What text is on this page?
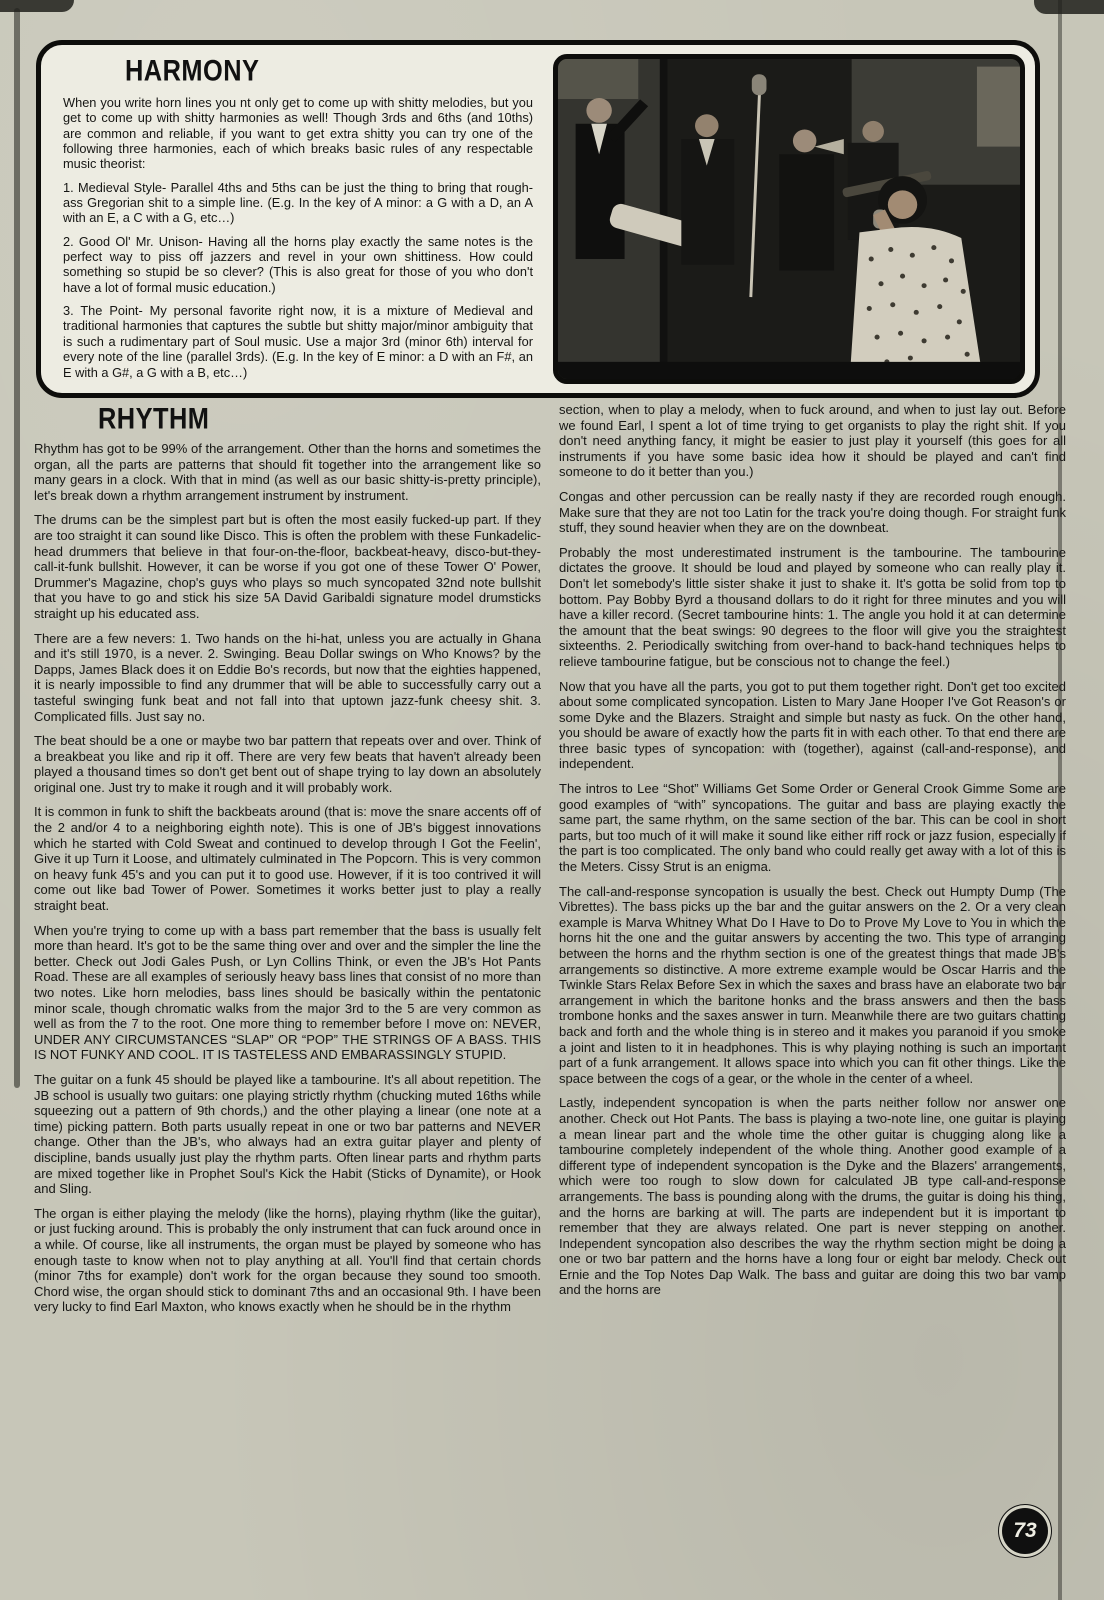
HARMONY

When you write horn lines you nt only get to come up with shitty melodies, but you get to come up with shitty harmonies as well! Though 3rds and 6ths (and 10ths) are common and reliable, if you want to get extra shitty you can try one of the following three harmonies, each of which breaks basic rules of any respectable music theorist:

1. Medieval Style- Parallel 4ths and 5ths can be just the thing to bring that rough-ass Gregorian shit to a simple line. (E.g. In the key of A minor: a G with a D, an A with an E, a C with a G, etc…)

2. Good Ol' Mr. Unison- Having all the horns play exactly the same notes is the perfect way to piss off jazzers and revel in your own shittiness. How could something so stupid be so clever? (This is also great for those of you who don't have a lot of formal music education.)

3. The Point- My personal favorite right now, it is a mixture of Medieval and traditional harmonies that captures the subtle but shitty major/minor ambiguity that is such a rudimentary part of Soul music. Use a major 3rd (minor 6th) interval for every note of the line (parallel 3rds). (E.g. In the key of E minor: a D with an F#, an E with a G#, a G with a B, etc…)

RHYTHM

Rhythm has got to be 99% of the arrangement. Other than the horns and sometimes the organ, all the parts are patterns that should fit together into the arrangement like so many gears in a clock. With that in mind (as well as our basic shitty-is-pretty principle), let's break down a rhythm arrangement instrument by instrument.

The drums can be the simplest part but is often the most easily fucked-up part. If they are too straight it can sound like Disco. This is often the problem with these Funkadelic-head drummers that believe in that four-on-the-floor, backbeat-heavy, disco-but-they-call-it-funk bullshit. However, it can be worse if you got one of these Tower O' Power, Drummer's Magazine, chop's guys who plays so much syncopated 32nd note bullshit that you have to go and stick his size 5A David Garibaldi signature model drumsticks straight up his educated ass.

There are a few nevers: 1. Two hands on the hi-hat, unless you are actually in Ghana and it's still 1970, is a never. 2. Swinging. Beau Dollar swings on Who Knows? by the Dapps, James Black does it on Eddie Bo's records, but now that the eighties happened, it is nearly impossible to find any drummer that will be able to successfully carry out a tasteful swinging funk beat and not fall into that uptown jazz-funk cheesy shit. 3. Complicated fills. Just say no.

The beat should be a one or maybe two bar pattern that repeats over and over. Think of a breakbeat you like and rip it off. There are very few beats that haven't already been played a thousand times so don't get bent out of shape trying to lay down an absolutely original one. Just try to make it rough and it will probably work.

It is common in funk to shift the backbeats around (that is: move the snare accents off of the 2 and/or 4 to a neighboring eighth note). This is one of JB's biggest innovations which he started with Cold Sweat and continued to develop through I Got the Feelin', Give it up Turn it Loose, and ultimately culminated in The Popcorn. This is very common on heavy funk 45's and you can put it to good use. However, if it is too contrived it will come out like bad Tower of Power. Sometimes it works better just to play a really straight beat.

When you're trying to come up with a bass part remember that the bass is usually felt more than heard. It's got to be the same thing over and over and the simpler the line the better. Check out Jodi Gales Push, or Lyn Collins Think, or even the JB's Hot Pants Road. These are all examples of seriously heavy bass lines that consist of no more than two notes. Like horn melodies, bass lines should be basically within the pentatonic minor scale, though chromatic walks from the major 3rd to the 5 are very common as well as from the 7 to the root. One more thing to remember before I move on: NEVER, UNDER ANY CIRCUMSTANCES “SLAP” OR “POP” THE STRINGS OF A BASS. THIS IS NOT FUNKY AND COOL. IT IS TASTELESS AND EMBARASSINGLY STUPID.

The guitar on a funk 45 should be played like a tambourine. It's all about repetition. The JB school is usually two guitars: one playing strictly rhythm (chucking muted 16ths while squeezing out a pattern of 9th chords,) and the other playing a linear (one note at a time) picking pattern. Both parts usually repeat in one or two bar patterns and NEVER change. Other than the JB's, who always had an extra guitar player and plenty of discipline, bands usually just play the rhythm parts. Often linear parts and rhythm parts are mixed together like in Prophet Soul's Kick the Habit (Sticks of Dynamite), or Hook and Sling.

The organ is either playing the melody (like the horns), playing rhythm (like the guitar), or just fucking around. This is probably the only instrument that can fuck around once in a while. Of course, like all instruments, the organ must be played by someone who has enough taste to know when not to play anything at all. You'll find that certain chords (minor 7ths for example) don't work for the organ because they sound too smooth. Chord wise, the organ should stick to dominant 7ths and an occasional 9th. I have been very lucky to find Earl Maxton, who knows exactly when he should be in the rhythm

section, when to play a melody, when to fuck around, and when to just lay out. Before we found Earl, I spent a lot of time trying to get organists to play the right shit. If you don't need anything fancy, it might be easier to just play it yourself (this goes for all instruments if you have some basic idea how it should be played and can't find someone to do it better than you.)

Congas and other percussion can be really nasty if they are recorded rough enough. Make sure that they are not too Latin for the track you're doing though. For straight funk stuff, they sound heavier when they are on the downbeat.

Probably the most underestimated instrument is the tambourine. The tambourine dictates the groove. It should be loud and played by someone who can really play it. Don't let somebody's little sister shake it just to shake it. It's gotta be solid from top to bottom. Pay Bobby Byrd a thousand dollars to do it right for three minutes and you will have a killer record. (Secret tambourine hints: 1. The angle you hold it at can determine the amount that the beat swings: 90 degrees to the floor will give you the straightest sixteenths. 2. Periodically switching from over-hand to back-hand techniques helps to relieve tambourine fatigue, but be conscious not to change the feel.)

Now that you have all the parts, you got to put them together right. Don't get too excited about some complicated syncopation. Listen to Mary Jane Hooper I've Got Reason's or some Dyke and the Blazers. Straight and simple but nasty as fuck. On the other hand, you should be aware of exactly how the parts fit in with each other. To that end there are three basic types of syncopation: with (together), against (call-and-response), and independent.

The intros to Lee “Shot” Williams Get Some Order or General Crook Gimme Some are good examples of “with” syncopations. The guitar and bass are playing exactly the same part, the same rhythm, on the same section of the bar. This can be cool in short parts, but too much of it will make it sound like either riff rock or jazz fusion, especially if the part is too complicated. The only band who could really get away with a lot of this is the Meters. Cissy Strut is an enigma.

The call-and-response syncopation is usually the best. Check out Humpty Dump (The Vibrettes). The bass picks up the bar and the guitar answers on the 2. Or a very clean example is Marva Whitney What Do I Have to Do to Prove My Love to You in which the horns hit the one and the guitar answers by accenting the two. This type of arranging between the horns and the rhythm section is one of the greatest things that made JB's arrangements so distinctive. A more extreme example would be Oscar Harris and the Twinkle Stars Relax Before Sex in which the saxes and brass have an elaborate two bar arrangement in which the baritone honks and the brass answers and then the bass trombone honks and the saxes answer in turn. Meanwhile there are two guitars chatting back and forth and the whole thing is in stereo and it makes you paranoid if you smoke a joint and listen to it in headphones. This is why playing nothing is such an important part of a funk arrangement. It allows space into which you can fit other things. Like the space between the cogs of a gear, or the whole in the center of a wheel.

Lastly, independent syncopation is when the parts neither follow nor answer one another. Check out Hot Pants. The bass is playing a two-note line, one guitar is playing a mean linear part and the whole time the other guitar is chugging along like a tambourine completely independent of the whole thing. Another good example of a different type of independent syncopation is the Dyke and the Blazers' arrangements, which were too rough to slow down for calculated JB type call-and-response arrangements. The bass is pounding along with the drums, the guitar is doing his thing, and the horns are barking at will. The parts are independent but it is important to remember that they are always related. One part is never stepping on another. Independent syncopation also describes the way the rhythm section might be doing a one or two bar pattern and the horns have a long four or eight bar melody. Check out Ernie and the Top Notes Dap Walk. The bass and guitar are doing this two bar vamp and the horns are

73
